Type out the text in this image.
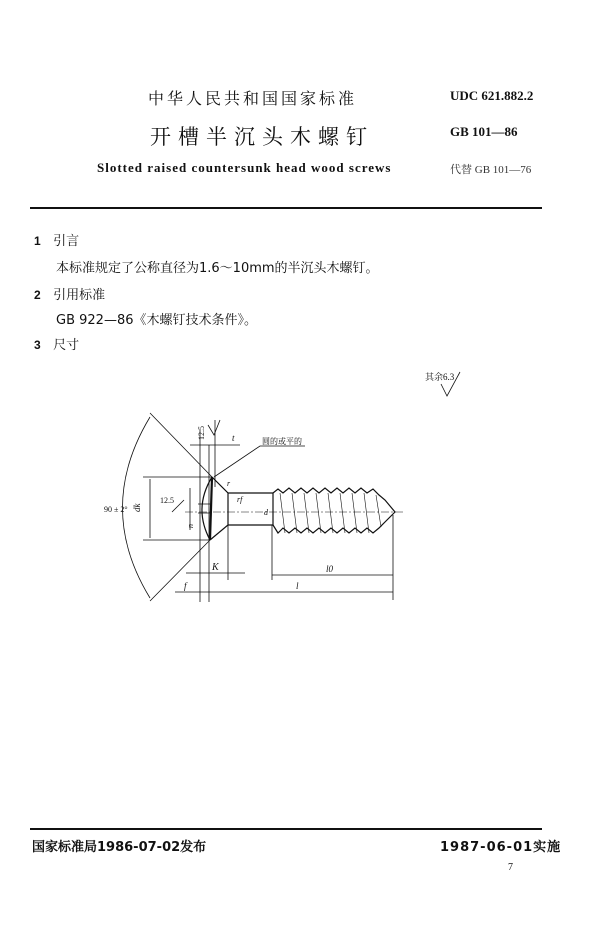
中华人民共和国国家标准	UDC 621.882.2
开槽半沉头木螺钉	GB 101—86
Slotted raised countersunk head wood screws	代替 GB 101—76
1 引言
本标准规定了公称直径为1.6～10mm的半沉头木螺钉。
2 引用标准
GB 922—86《木螺钉技术条件》。
3 尺寸
其余 6.3
90 ± 2° dk
t
12.5
圆的或平的
r
rf
d
12.5
n
K
f	l
l0
国家标准局1986-07-02发布	1987-06-01实施
7
